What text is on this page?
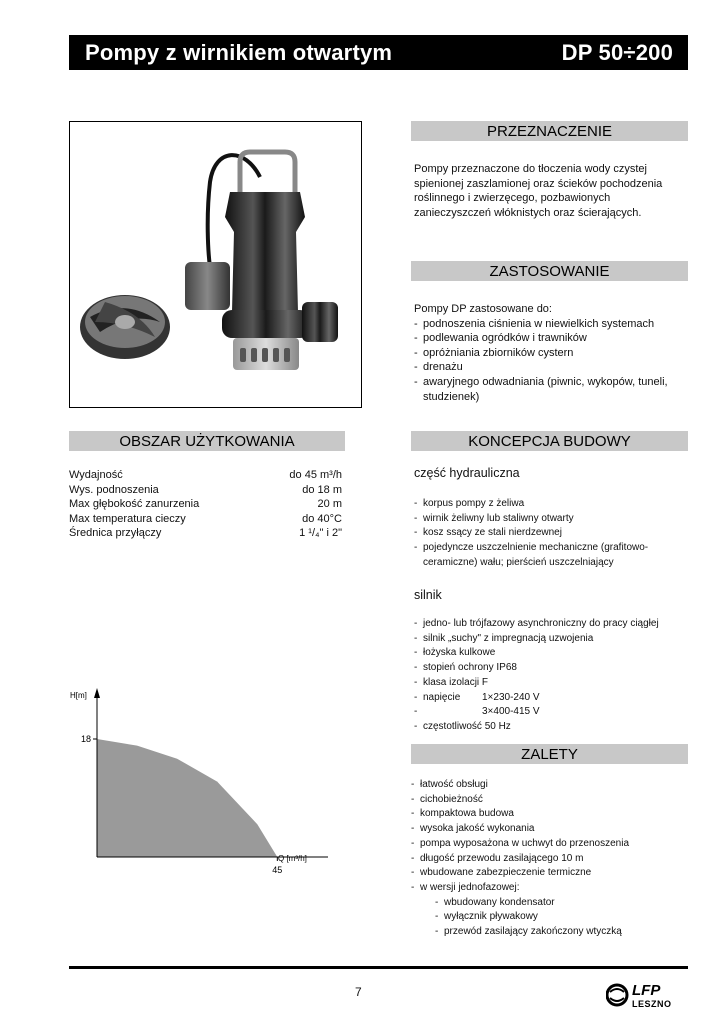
Pompy z wirnikiem otwartym	DP 50÷200
PRZEZNACZENIE
Pompy przeznaczone do tłoczenia wody czystej spienionej zaszlamionej oraz ścieków pochodzenia roślinnego i zwierzęcego, pozbawionych zanieczyszczeń włóknistych oraz ścierających.
ZASTOSOWANIE
Pompy DP zastosowane do:
- podnoszenia ciśnienia w niewielkich systemach
- podlewania ogródków i trawników
- opróżniania zbiorników cystern
- drenażu
- awaryjnego odwadniania (piwnic, wykopów, tuneli, studzienek)
OBSZAR UŻYTKOWANIA
Wydajność	do 45 m³/h
Wys. podnoszenia	do 18 m
Max głębokość zanurzenia	20 m
Max temperatura cieczy	do 40°C
Średnica przyłączy	1 ¹/₄" i 2"
KONCEPCJA BUDOWY
część hydrauliczna
- korpus pompy z żeliwa
- wirnik żeliwny lub staliwny otwarty
- kosz ssący ze stali nierdzewnej
- pojedyncze uszczelnienie mechaniczne (grafitowo-ceramiczne) wału; pierścień uszczelniający
silnik
- jedno- lub trójfazowy asynchroniczny do pracy ciągłej
- silnik „suchy" z impregnacją uzwojenia
- łożyska kulkowe
- stopień ochrony IP68
- klasa izolacji F
- napięcie 1×230-240 V
- 3×400-415 V
- częstotliwość 50 Hz
ZALETY
- łatwość obsługi
- cichobieżność
- kompaktowa budowa
- wysoka jakość wykonania
- pompa wyposażona w uchwyt do przenoszenia
- długość przewodu zasilającego 10 m
- wbudowane zabezpieczenie termiczne
- w wersji jednofazowej:
- wbudowany kondensator
- wyłącznik pływakowy
- przewód zasilający zakończony wtyczką
H[m]
Q [m³/h]
18
45
7	LFP
LESZNO
